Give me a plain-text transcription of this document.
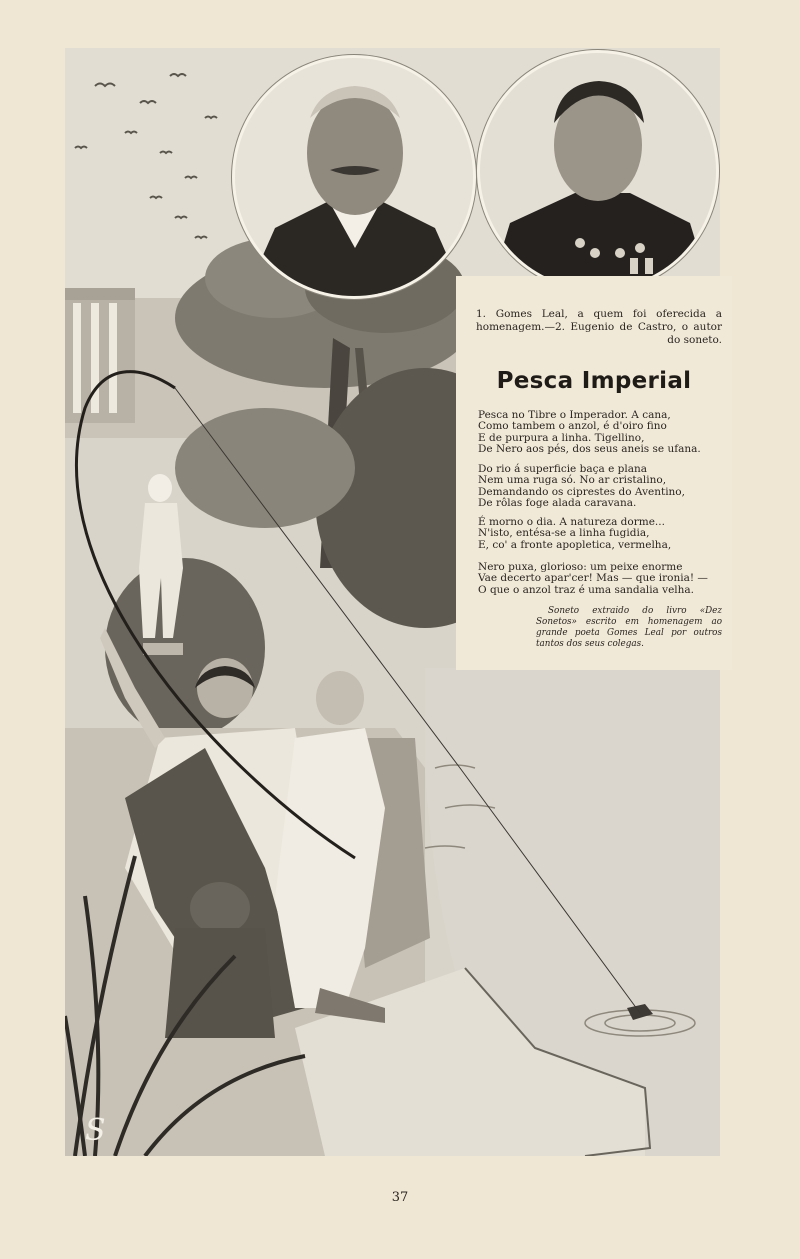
S
1. Gomes Leal, a quem foi oferecida a homenagem.—2. Eugenio de Castro, o autor do soneto.
Pesca Imperial
Pesca no Tibre o Imperador. A cana,
Como tambem o anzol, é d'oiro fino
E de purpura a linha. Tigellino,
De Nero aos pés, dos seus aneis se ufana.
Do rio á superficie baça e plana
Nem uma ruga só. No ar cristalino,
Demandando os ciprestes do Aventino,
De rôlas foge alada caravana.
É morno o dia. A natureza dorme...
N'isto, entésa-se a linha fugidia,
E, co' a fronte apopletica, vermelha,
Nero puxa, glorioso: um peixe enorme
Vae decerto apar'cer! Mas — que ironia! —
O que o anzol traz é uma sandalia velha.
Soneto extraido do livro «Dez Sonetos» escrito em homenagem ao grande poeta Gomes Leal por outros tantos dos seus colegas.
37
